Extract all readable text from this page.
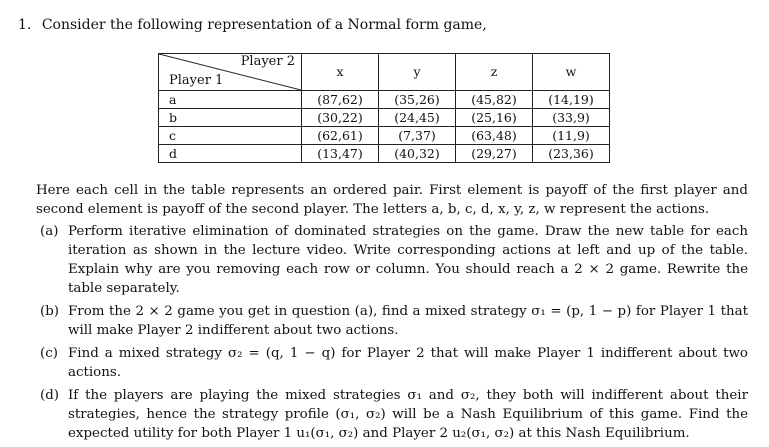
1. Consider the following representation of a Normal form game,
Player 2
Player 1	x	y	z	w
a	(87,62)	(35,26)	(45,82)	(14,19)
b	(30,22)	(24,45)	(25,16)	(33,9)
c	(62,61)	(7,37)	(63,48)	(11,9)
d	(13,47)	(40,32)	(29,27)	(23,36)
Here each cell in the table represents an ordered pair. First element is payoff of the first player and second element is payoff of the second player. The letters a, b, c, d, x, y, z, w represent the actions.
(a) Perform iterative elimination of dominated strategies on the game. Draw the new table for each iteration as shown in the lecture video. Write corresponding actions at left and up of the table. Explain why are you removing each row or column. You should reach a 2 × 2 game. Rewrite the table separately.
(b) From the 2 × 2 game you get in question (a), find a mixed strategy σ₁ = (p, 1 − p) for Player 1 that will make Player 2 indifferent about two actions.
(c) Find a mixed strategy σ₂ = (q, 1 − q) for Player 2 that will make Player 1 indifferent about two actions.
(d) If the players are playing the mixed strategies σ₁ and σ₂, they both will indifferent about their strategies, hence the strategy profile (σ₁, σ₂) will be a Nash Equilibrium of this game. Find the expected utility for both Player 1 u₁(σ₁, σ₂) and Player 2 u₂(σ₁, σ₂) at this Nash Equilibrium.
